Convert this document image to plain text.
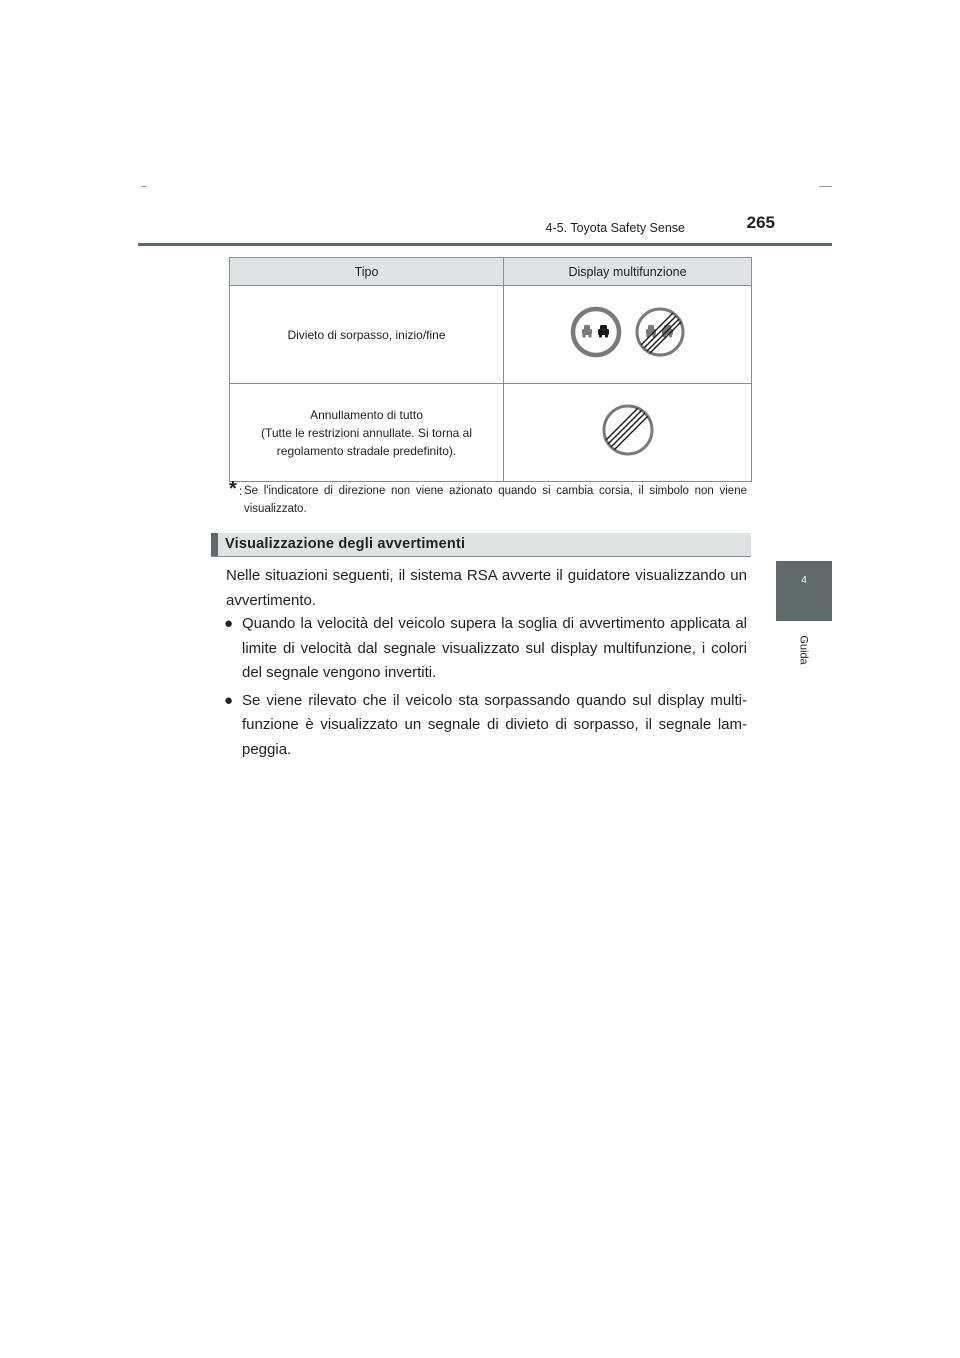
4-5. Toyota Safety Sense	265
4
Guida
Tipo	Display multifunzione
Divieto di sorpasso, inizio/fine	
Annullamento di tutto
(Tutte le restrizioni annullate. Si torna al
regolamento stradale predefinito).	
* : Se l'indicatore di direzione non viene azionato quando si cambia corsia, il simbolo non viene visualizzato.
Visualizzazione degli avvertimenti
Nelle situazioni seguenti, il sistema RSA avverte il guidatore visualizzando un avvertimento.
● Quando la velocità del veicolo supera la soglia di avvertimento applicata al limite di velocità dal segnale visualizzato sul display multifunzione, i colori del segnale vengono invertiti.
● Se viene rilevato che il veicolo sta sorpassando quando sul display multi-funzione è visualizzato un segnale di divieto di sorpasso, il segnale lam-peggia.
